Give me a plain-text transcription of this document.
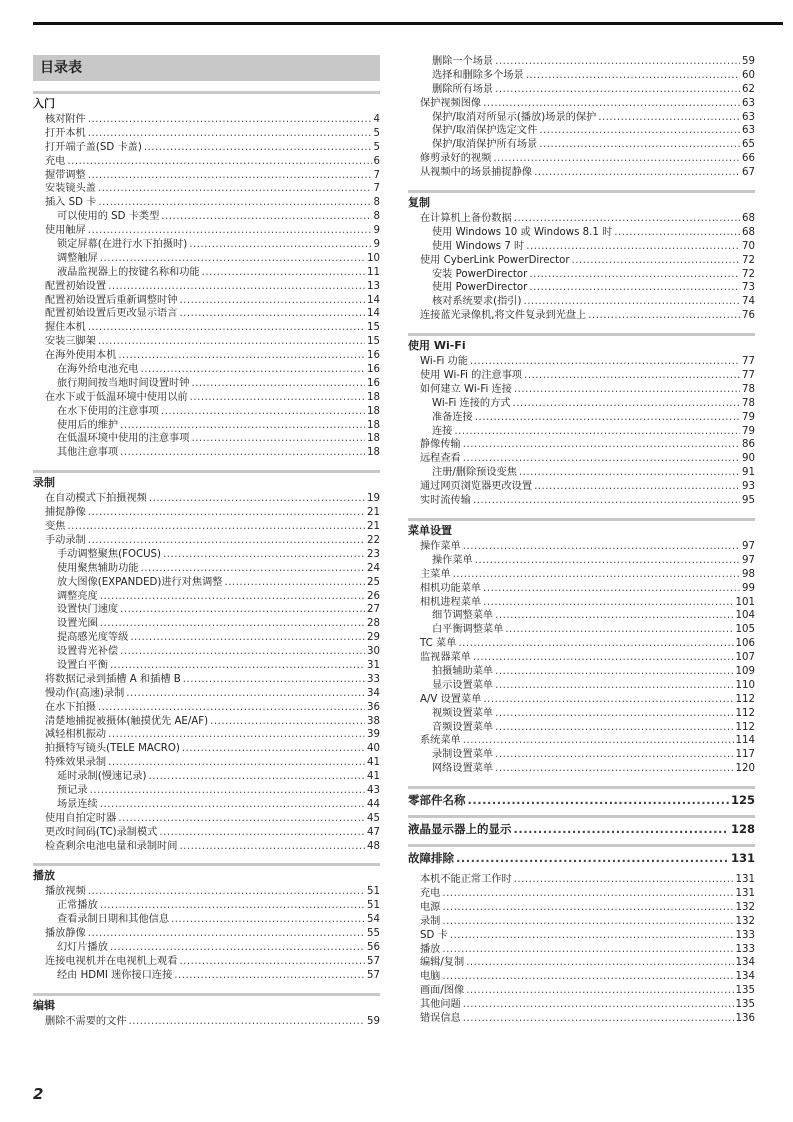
目录表
入门
核对附件 .....	4
打开本机 .....	5
打开端子盖(SD 卡盖) .....	5
充电 .....	6
握带调整 .....	7
安装镜头盖 .....	7
插入 SD 卡 .....	8
可以使用的 SD 卡类型 .....	8
使用触屏 .....	9
锁定屏幕(在进行水下拍摄时) .....	9
调整触屏 .....	10
液晶监视器上的按键名称和功能 .....	11
配置初始设置 .....	13
配置初始设置后重新调整时钟 .....	14
配置初始设置后更改显示语言 .....	14
握住本机 .....	15
安装三脚架 .....	15
在海外使用本机 .....	16
在海外给电池充电 .....	16
旅行期间按当地时间设置时钟 .....	16
在水下或于低温环境中使用以前 .....	18
在水下使用的注意事项 .....	18
使用后的维护 .....	18
在低温环境中使用的注意事项 .....	18
其他注意事项 .....	18
录制
在自动模式下拍摄视频 .....	19
捕捉静像 .....	21
变焦 .....	21
手动录制 .....	22
手动调整聚焦(FOCUS) .....	23
使用聚焦辅助功能 .....	24
放大图像(EXPANDED)进行对焦调整 .....	25
调整亮度 .....	26
设置快门速度 .....	27
设置光圈 .....	28
提高感光度等级 .....	29
设置背光补偿 .....	30
设置白平衡 .....	31
将数据记录到插槽 A 和插槽 B .....	33
慢动作(高速)录制 .....	34
在水下拍摄 .....	36
清楚地捕捉被摄体(触摸优先 AE/AF) .....	38
减轻相机振动 .....	39
拍摄特写镜头(TELE MACRO) .....	40
特殊效果录制 .....	41
延时录制(慢速记录) .....	41
预记录 .....	43
场景连续 .....	44
使用自拍定时器 .....	45
更改时间码(TC)录制模式 .....	47
检查剩余电池电量和录制时间 .....	48
播放
播放视频 .....	51
正常播放 .....	51
查看录制日期和其他信息 .....	54
播放静像 .....	55
幻灯片播放 .....	56
连接电视机并在电视机上观看 .....	57
经由 HDMI 迷你接口连接 .....	57
编辑
删除不需要的文件 .....	59
删除一个场景 .....	59
选择和删除多个场景 .....	60
删除所有场景 .....	62
保护视频图像 .....	63
保护/取消对所显示(播放)场景的保护 .....	63
保护/取消保护选定文件 .....	63
保护/取消保护所有场景 .....	65
修剪录好的视频 .....	66
从视频中的场景捕捉静像 .....	67
复制
在计算机上备份数据 .....	68
使用 Windows 10 或 Windows 8.1 时 .....	68
使用 Windows 7 时 .....	70
使用 CyberLink PowerDirector .....	72
安装 PowerDirector .....	72
使用 PowerDirector .....	73
核对系统要求(指引) .....	74
连接蓝光录像机,将文件复录到光盘上 .....	76
使用 Wi-Fi
Wi-Fi 功能 .....	77
使用 Wi-Fi 的注意事项 .....	77
如何建立 Wi-Fi 连接 .....	78
Wi-Fi 连接的方式 .....	78
准备连接 .....	79
连接 .....	79
静像传输 .....	86
远程查看 .....	90
注册/删除预设变焦 .....	91
通过网页浏览器更改设置 .....	93
实时流传输 .....	95
菜单设置
操作菜单 .....	97
操作菜单 .....	97
主菜单 .....	98
相机功能菜单 .....	99
相机进程菜单 .....	101
细节调整菜单 .....	104
白平衡调整菜单 .....	105
TC 菜单 .....	106
监视器菜单 .....	107
拍摄辅助菜单 .....	109
显示设置菜单 .....	110
A/V 设置菜单 .....	112
视频设置菜单 .....	112
音频设置菜单 .....	112
系统菜单 .....	114
录制设置菜单 .....	117
网络设置菜单 .....	120
零部件名称 .....	125
液晶显示器上的显示 .....	128
故障排除 .....	131
本机不能正常工作时 .....	131
充电 .....	131
电源 .....	132
录制 .....	132
SD 卡 .....	133
播放 .....	133
编辑/复制 .....	134
电脑 .....	134
画面/图像 .....	135
其他问题 .....	135
错误信息 .....	136
2
